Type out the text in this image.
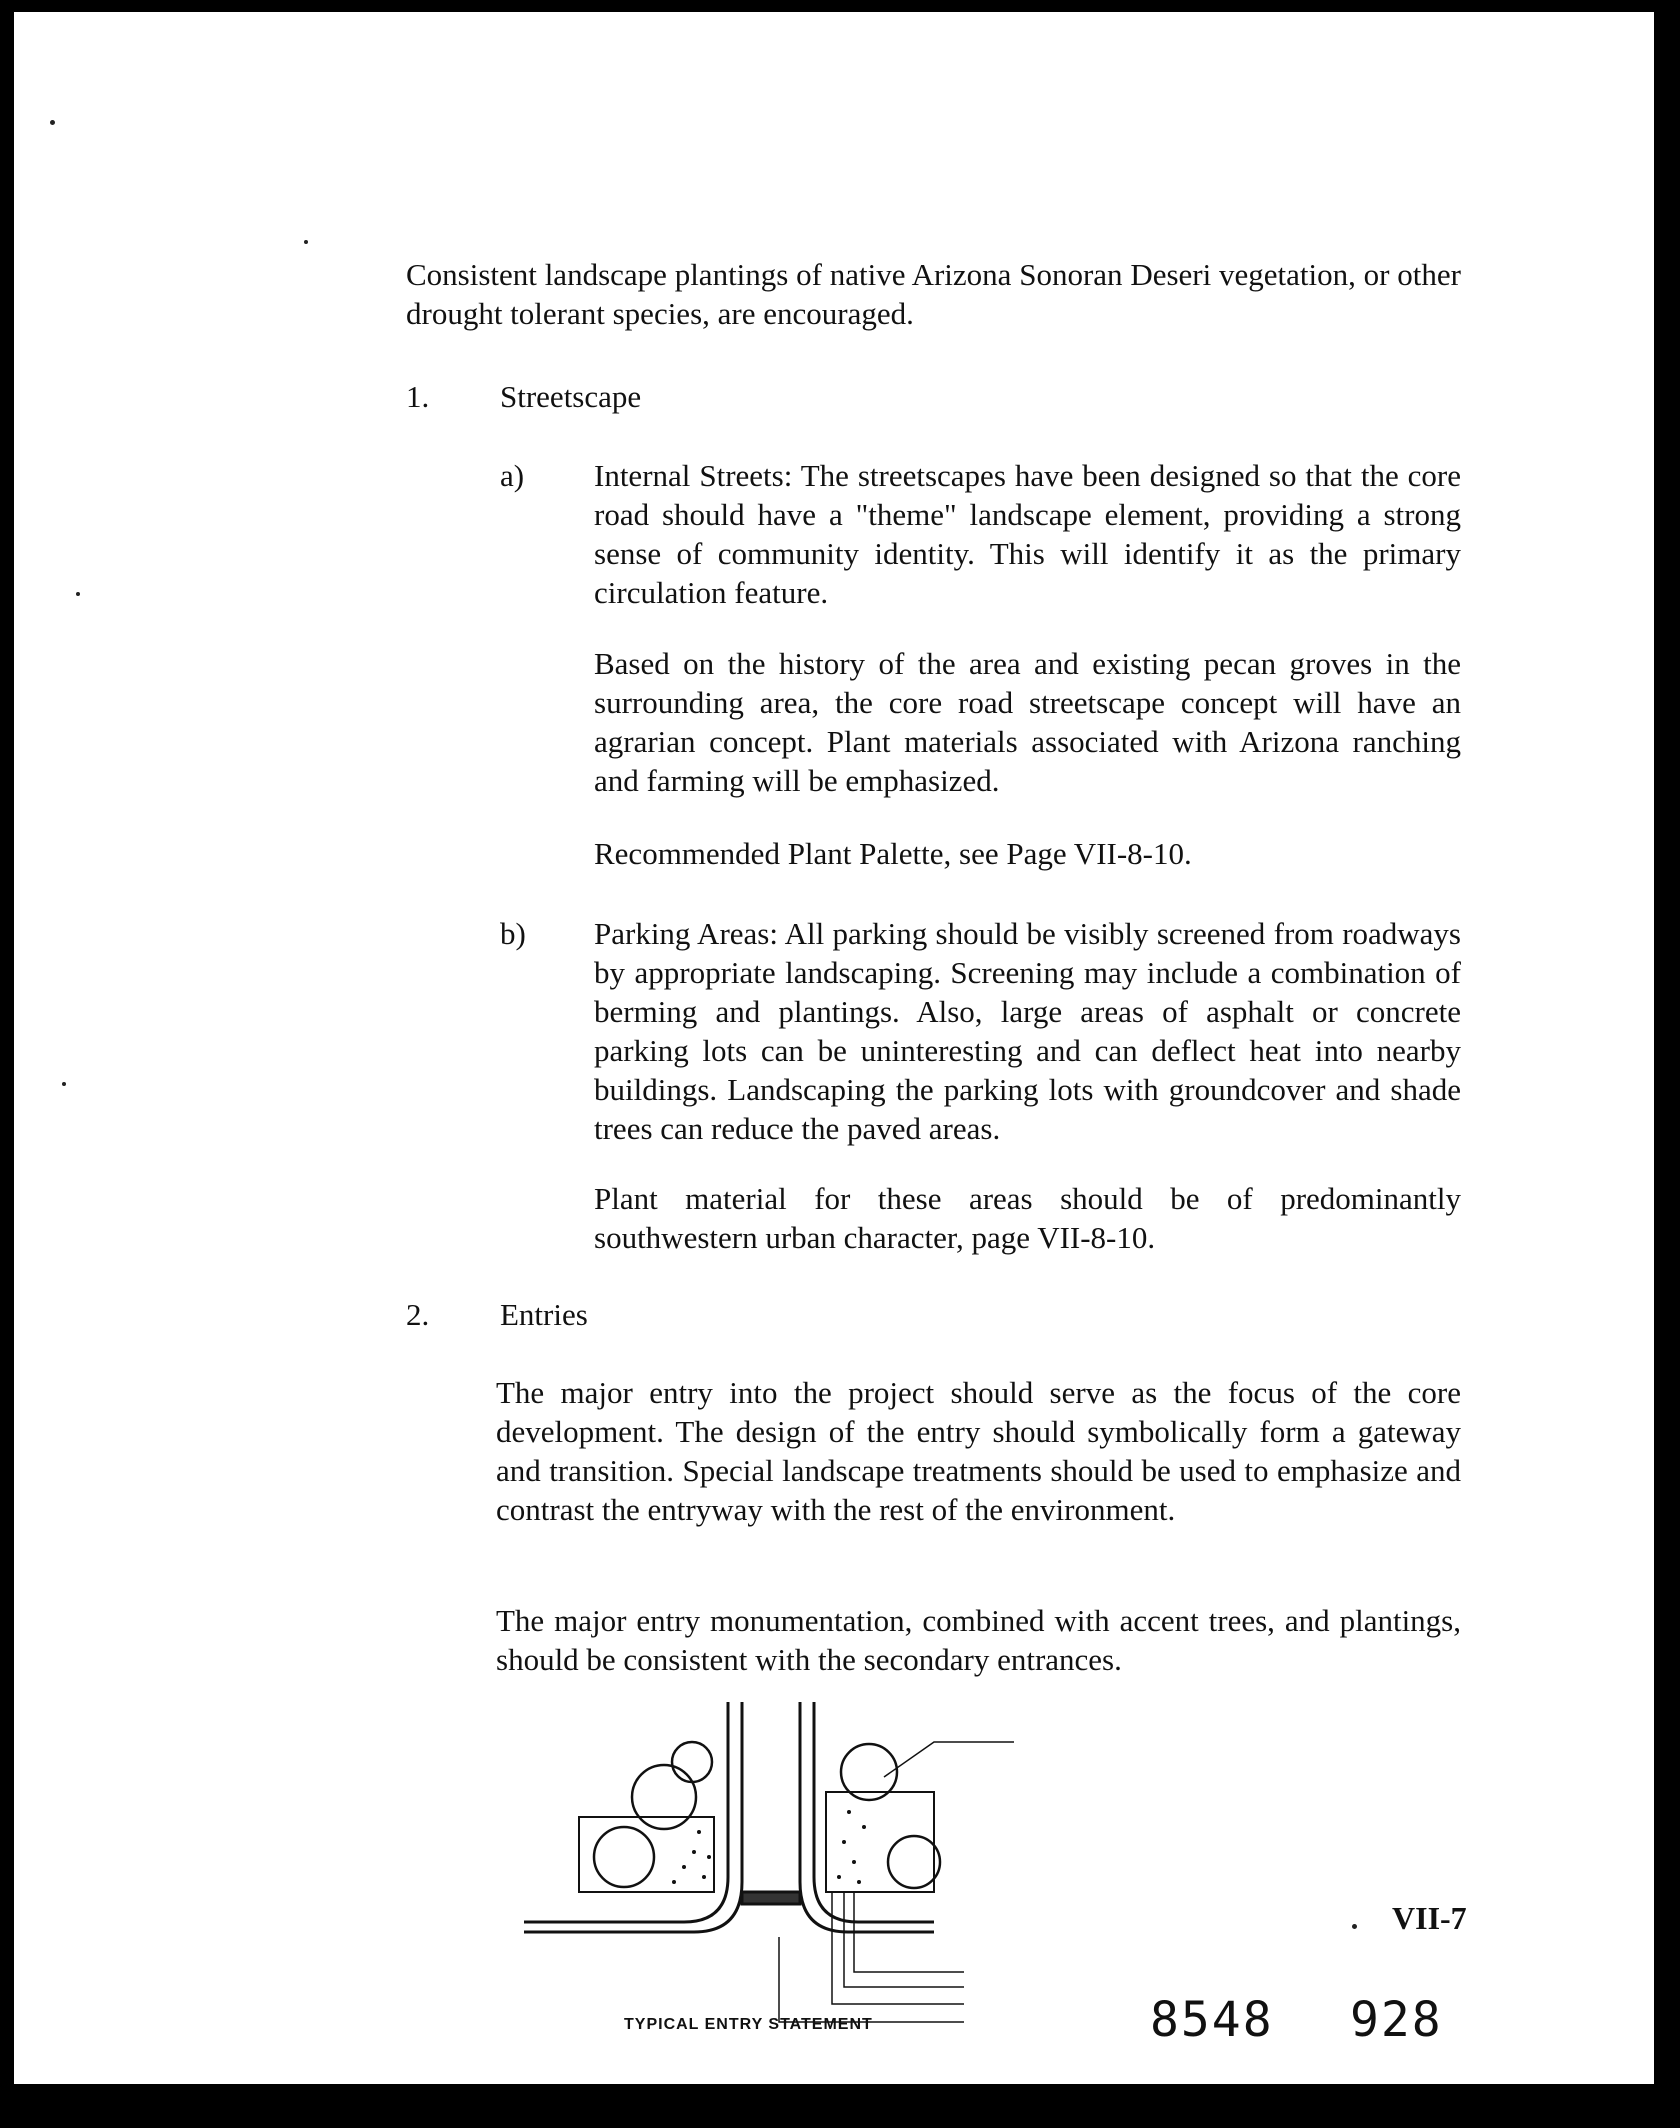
Consistent landscape plantings of native Arizona Sonoran Deseri vegetation, or other drought tolerant species, are encouraged.
1. Streetscape
a) Internal Streets: The streetscapes have been designed so that the core road should have a "theme" landscape element, providing a strong sense of community identity. This will identify it as the primary circulation feature.
Based on the history of the area and existing pecan groves in the surrounding area, the core road streetscape concept will have an agrarian concept. Plant materials associated with Arizona ranching and farming will be emphasized.
Recommended Plant Palette, see Page VII-8-10.
b) Parking Areas: All parking should be visibly screened from roadways by appropriate landscaping. Screening may include a combination of berming and plantings. Also, large areas of asphalt or concrete parking lots can be uninteresting and can deflect heat into nearby buildings. Landscaping the parking lots with groundcover and shade trees can reduce the paved areas.
Plant material for these areas should be of predominantly southwestern urban character, page VII-8-10.
2. Entries
The major entry into the project should serve as the focus of the core development. The design of the entry should symbolically form a gateway and transition. Special landscape treatments should be used to emphasize and contrast the entryway with the rest of the environment.
The major entry monumentation, combined with accent trees, and plantings, should be consistent with the secondary entrances.
TYPICAL ENTRY STATEMENT
VII-7
8548 928
